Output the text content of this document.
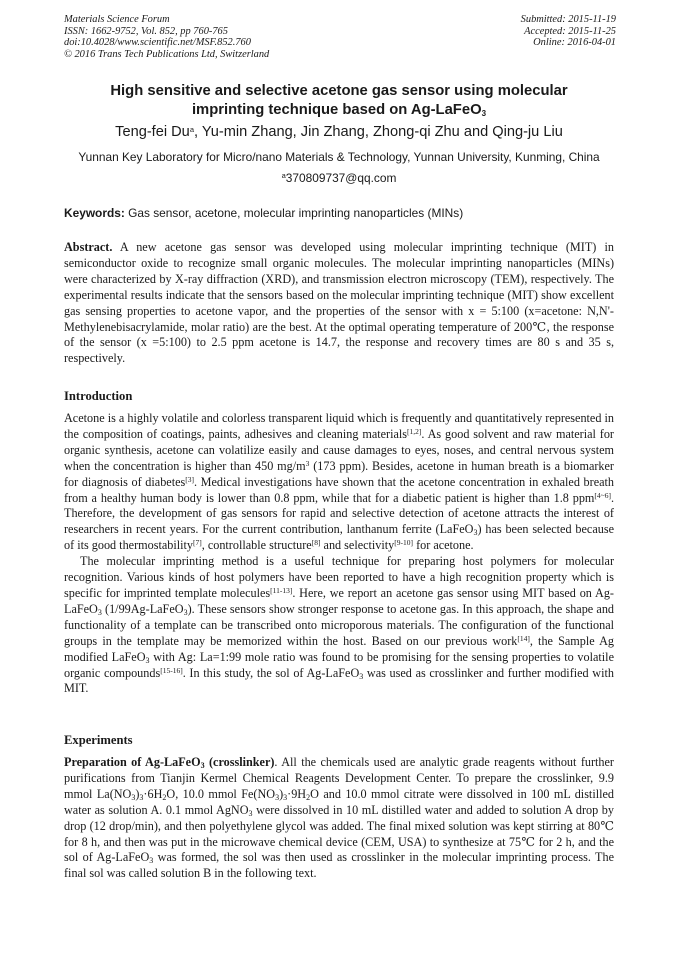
Materials Science Forum
ISSN: 1662-9752, Vol. 852, pp 760-765
doi:10.4028/www.scientific.net/MSF.852.760
© 2016 Trans Tech Publications Ltd, Switzerland
Submitted: 2015-11-19
Accepted: 2015-11-25
Online: 2016-04-01
High sensitive and selective acetone gas sensor using molecular
imprinting technique based on Ag-LaFeO$_3$
Teng-fei Du$^a$, Yu-min Zhang, Jin Zhang, Zhong-qi Zhu and Qing-ju Liu
Yunnan Key Laboratory for Micro/nano Materials & Technology, Yunnan University, Kunming, China
$^a$370809737@qq.com
Keywords: Gas sensor, acetone, molecular imprinting nanoparticles (MINs)

Abstract. A new acetone gas sensor was developed using molecular imprinting technique (MIT) in semiconductor oxide to recognize small organic molecules. The molecular imprinting nanoparticles (MINs) were characterized by X-ray diffraction (XRD), and transmission electron microscopy (TEM), respectively. The experimental results indicate that the sensors based on the molecular imprinting technique (MIT) show excellent gas sensing properties to acetone vapor, and the properties of the sensor with x = 5:100 (x=acetone: N,N'-Methylenebisacrylamide, molar ratio) are the best. At the optimal operating temperature of 200℃, the response of the sensor (x =5:100) to 2.5 ppm acetone is 14.7, the response and recovery times are 80 s and 35 s, respectively.

Introduction

Acetone is a highly volatile and colorless transparent liquid which is frequently and quantitatively represented in the composition of coatings, paints, adhesives and cleaning materials[1,2]. As good solvent and raw material for organic synthesis, acetone can volatilize easily and cause damages to eyes, noses, and central nervous system when the concentration is higher than 450 $mg/m^3$ (173 ppm). Besides, acetone in human breath is a biomarker for diagnosis of diabetes[3]. Medical investigations have shown that the acetone concentration in exhaled breath from a healthy human body is lower than 0.8 ppm, while that for a diabetic patient is higher than 1.8 ppm[4~6]. Therefore, the development of gas sensors for rapid and selective detection of acetone attracts the interest of researchers in recent years. For the current contribution, lanthanum ferrite (LaFeO$_3$) has been selected because of its good thermostability[7], controllable structure[8] and selectivity[9-10] for acetone.

The molecular imprinting method is a useful technique for preparing host polymers for molecular recognition. Various kinds of host polymers have been reported to have a high recognition property which is specific for imprinted template molecules[11-13]. Here, we report an acetone gas sensor using MIT based on Ag-LaFeO$_3$ (1/99Ag-LaFeO$_3$). These sensors show stronger response to acetone gas. In this approach, the shape and functionality of a template can be transcribed onto microporous materials. The configuration of the functional groups in the template may be memorized within the host. Based on our previous work[14], the Sample Ag modified LaFeO$_3$ with Ag: La=1:99 mole ratio was found to be promising for the sensing properties to volatile organic compounds[15-16]. In this study, the sol of Ag-LaFeO$_3$ was used as crosslinker and further modified with MIT.

Experiments

Preparation of Ag-LaFeO$_3$ (crosslinker). All the chemicals used are analytic grade reagents without further purifications from Tianjin Kermel Chemical Reagents Development Center. To prepare the crosslinker, 9.9 mmol $La(NO_3)_3\cdot 6H_2O$, 10.0 mmol $Fe(NO_3)_3\cdot 9H_2O$ and 10.0 mmol citrate were dissolved in 100 mL distilled water as solution A. 0.1 mmol AgNO$_3$ were dissolved in 10 mL distilled water and added to solution A drop by drop (12 drop/min), and then polyethylene glycol was added. The final mixed solution was kept stirring at 80℃ for 8 h, and then was put in the microwave chemical device (CEM, USA) to synthesize at 75℃ for 2 h, and the sol of Ag-LaFeO$_3$ was formed, the sol was then used as crosslinker in the molecular imprinting process. The final sol was called solution B in the following text.
